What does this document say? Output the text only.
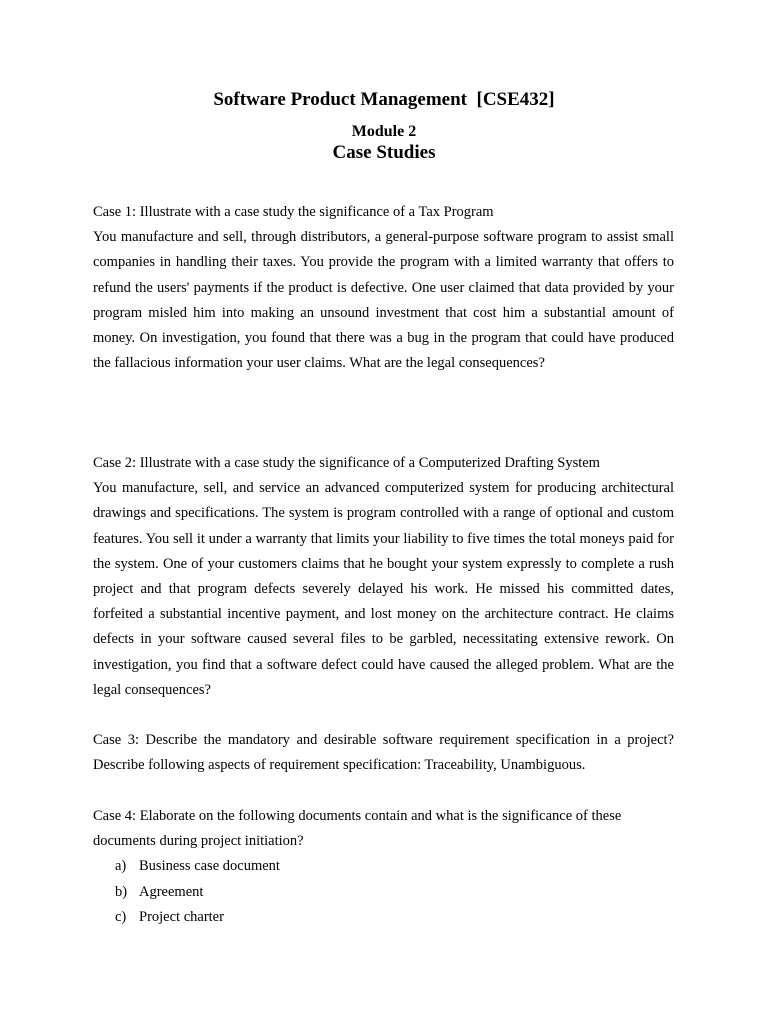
Software Product Management  [CSE432]
Module 2
Case Studies
Case 1: Illustrate with a case study the significance of a Tax Program
You manufacture and sell, through distributors, a general-purpose software program to assist small companies in handling their taxes. You provide the program with a limited warranty that offers to refund the users' payments if the product is defective. One user claimed that data provided by your program misled him into making an unsound investment that cost him a substantial amount of money. On investigation, you found that there was a bug in the program that could have produced the fallacious information your user claims. What are the legal consequences?
Case 2: Illustrate with a case study the significance of a Computerized Drafting System
You manufacture, sell, and service an advanced computerized system for producing architectural drawings and specifications. The system is program controlled with a range of optional and custom features. You sell it under a warranty that limits your liability to five times the total moneys paid for the system. One of your customers claims that he bought your system expressly to complete a rush project and that program defects severely delayed his work. He missed his committed dates, forfeited a substantial incentive payment, and lost money on the architecture contract. He claims defects in your software caused several files to be garbled, necessitating extensive rework. On investigation, you find that a software defect could have caused the alleged problem. What are the legal consequences?
Case 3: Describe the mandatory and desirable software requirement specification in a project? Describe following aspects of requirement specification: Traceability, Unambiguous.
Case 4: Elaborate on the following documents contain and what is the significance of these
documents during project initiation?
a) Business case document
b) Agreement
c) Project charter
